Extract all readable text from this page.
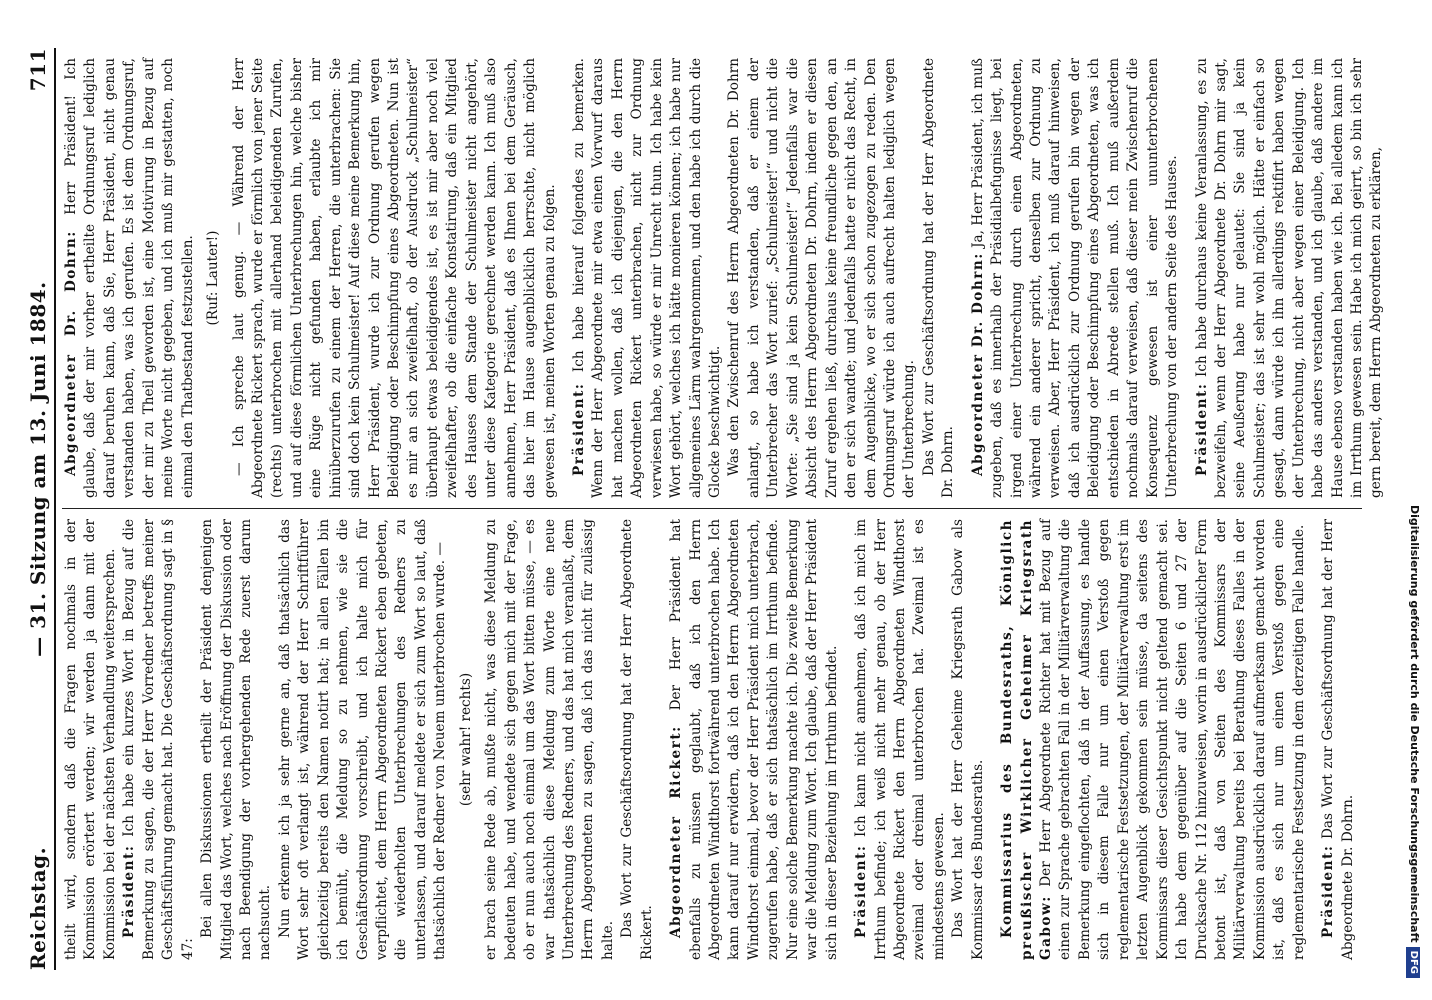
Reichstag.
— 31. Sitzung am 13. Juni 1884.
711

theilt wird, sondern daß die Fragen nochmals in der Kommission erörtert werden; wir werden ja dann mit der Kommission bei der nächsten Verhandlung weitersprechen. Präsident: Ich habe ein kurzes Wort in Bezug auf die Bemerkung zu sagen, die der Herr Vorredner betreffs meiner Geschäftsführung gemacht hat. Die Geschäftsordnung sagt in § 47:

Bei allen Diskussionen ertheilt der Präsident denjenigen Mitglied das Wort, welches nach Eröffnung der Diskussion oder nach Beendigung der vorhergehenden Rede zuerst darum nachsucht. Nun erkenne ich ja sehr gerne an, daß thatsächlich das Wort sehr oft verlangt ist, während der Herr Schriftführer gleichzeitig bereits den Namen notirt hat; in allen Fällen bin ich bemüht, die Meldung so zu nehmen, wie sie die Geschäftsordnung vorschreibt, und ich halte mich für verpflichtet, dem Herrn Abgeordneten Rickert eben gebeten, die wiederholten Unterbrechungen des Redners zu unterlassen, und darauf meldete er sich zum Wort so laut, daß thatsächlich der Redner von Neuem unterbrochen wurde. — (sehr wahr! rechts) er brach seine Rede ab, mußte nicht, was diese Meldung zu bedeuten habe, und wendete sich gegen mich mit der Frage, ob er nun auch noch einmal um das Wort bitten müsse, — es war thatsächlich diese Meldung zum Worte eine neue Unterbrechung des Redners, und das hat mich veranlaßt, dem Herrn Abgeordneten zu sagen, daß ich das nicht für zulässig halte.

Das Wort zur Geschäftsordnung hat der Herr Abgeordnete Rickert. Abgeordneter Rickert: Der Herr Präsident hat ebenfalls zu müssen geglaubt, daß ich den Herrn Abgeordneten Windthorst fortwährend unterbrochen habe. Ich kann darauf nur erwidern, daß ich den Herrn Abgeordneten Windthorst einmal, bevor der Herr Präsident mich unterbrach, zugerufen habe, daß er sich thatsächlich im Irrthum befinde. Nur eine solche Bemerkung machte ich. Die zweite Bemerkung war die Meldung zum Wort. Ich glaube, daß der Herr Präsident sich in dieser Beziehung im Irrthum befindet. Präsident: Ich kann nicht annehmen, daß ich mich im Irrthum befinde; ich weiß nicht mehr genau, ob der Herr Abgeordnete Rickert den Herrn Abgeordneten Windthorst zweimal oder dreimal unterbrochen hat. Zweimal ist es mindestens gewesen. Das Wort hat der Herr Geheime Kriegsrath Gabow als Kommissar des Bundesraths. Kommissarius des Bundesraths, Königlich preußischer Wirklicher Geheimer Kriegsrath Gabow: Der Herr Abgeordnete Richter hat mit Bezug auf einen zur Sprache gebrachten Fall in der Militärverwaltung die Bemerkung eingeflochten, daß in der Auffassung, es handle sich in diesem Falle nur um einen Verstoß gegen reglementarische Festsetzungen, der Militärverwaltung erst im letzten Augenblick gekommen sein müsse, da seitens des Kommissars dieser Gesichtspunkt nicht geltend gemacht sei. Ich habe dem gegenüber auf die Seiten 6 und 27 der Drucksache Nr. 112 hinzuweisen, worin in ausdrücklicher Form betont ist, daß von Seiten des Kommissars der Militärverwaltung bereits bei Berathung dieses Falles in der Kommission ausdrücklich darauf aufmerksam gemacht worden ist, daß es sich nur um einen Verstoß gegen eine reglementarische Festsetzung in dem derzeitigen Falle handle. Präsident: Das Wort zur Geschäftsordnung hat der Herr Abgeordnete Dr. Dohrn.

Abgeordneter Dr. Dohrn: Herr Präsident! Ich glaube, daß der mir vorher ertheilte Ordnungsruf lediglich darauf beruhen kann, daß Sie, Herr Präsident, nicht genau verstanden haben, was ich gerufen. Es ist dem Ordnungsruf, der mir zu Theil geworden ist, eine Motivirung in Bezug auf meine Worte nicht gegeben, und ich muß mir gestatten, noch einmal den Thatbestand festzustellen. (Ruf: Lauter!) — Ich spreche laut genug. — Während der Herr Abgeordnete Rickert sprach, wurde er förmlich von jener Seite (rechts) unterbrochen mit allerhand beleidigenden Zurufen, und auf diese förmlichen Unterbrechungen hin, welche bisher eine Rüge nicht gefunden haben, erlaubte ich mir hinüberzurufen zu einem der Herren, die unterbrachen: Sie sind doch kein Schulmeister! Auf diese meine Bemerkung hin, Herr Präsident, wurde ich zur Ordnung gerufen wegen Beleidigung oder Beschimpfung eines Abgeordneten. Nun ist es mir an sich zweifelhaft, ob der Ausdruck „Schulmeister“ überhaupt etwas beleidigendes ist, es ist mir aber noch viel zweifelhafter, ob die einfache Konstatirung, daß ein Mitglied des Hauses dem Stande der Schulmeister nicht angehört, unter diese Kategorie gerechnet werden kann. Ich muß also annehmen, Herr Präsident, daß es Ihnen bei dem Geräusch, das hier im Hause augenblicklich herrschte, nicht möglich gewesen ist, meinen Worten genau zu folgen. Präsident: Ich habe hierauf folgendes zu bemerken. Wenn der Herr Abgeordnete mir etwa einen Vorwurf daraus hat machen wollen, daß ich diejenigen, die den Herrn Abgeordneten Rickert unterbrachen, nicht zur Ordnung verwiesen habe, so würde er mir Unrecht thun. Ich habe kein Wort gehört, welches ich hätte monieren können; ich habe nur allgemeines Lärm wahrgenommen, und den habe ich durch die Glocke beschwichtigt. Was den Zwischenruf des Herrn Abgeordneten Dr. Dohrn anlangt, so habe ich verstanden, daß er einem der Unterbrecher das Wort zurief: „Schulmeister!“ und nicht die Worte: „Sie sind ja kein Schulmeister!“ Jedenfalls war die Absicht des Herrn Abgeordneten Dr. Dohrn, indem er diesen Zuruf ergehen ließ, durchaus keine freundliche gegen den, an den er sich wandte; und jedenfalls hatte er nicht das Recht, in dem Augenblicke, wo er sich schon zugezogen zu reden. Den Ordnungsruf würde ich auch aufrecht halten lediglich wegen der Unterbrechung. Das Wort zur Geschäftsordnung hat der Herr Abgeordnete Dr. Dohrn. Abgeordneter Dr. Dohrn: Ja, Herr Präsident, ich muß zugeben, daß es innerhalb der Präsidialbefugnisse liegt, bei irgend einer Unterbrechung durch einen Abgeordneten, während ein anderer spricht, denselben zur Ordnung zu verweisen. Aber, Herr Präsident, ich muß darauf hinweisen, daß ich ausdrücklich zur Ordnung gerufen bin wegen der Beleidigung oder Beschimpfung eines Abgeordneten, was ich entschieden in Abrede stellen muß. Ich muß außerdem nochmals darauf verweisen, daß dieser mein Zwischenruf die Konsequenz gewesen ist einer ununterbrochenen Unterbrechung von der andern Seite des Hauses. Präsident: Ich habe durchaus keine Veranlassung, es zu bezweifeln, wenn der Herr Abgeordnete Dr. Dohrn mir sagt, seine Aeußerung habe nur gelautet: Sie sind ja kein Schulmeister; das ist sehr wohl möglich. Hätte er einfach so gesagt, dann würde ich ihn allerdings rektifirt haben wegen der Unterbrechung, nicht aber wegen einer Beleidigung. Ich habe das anders verstanden, und ich glaube, daß andere im Hause ebenso verstanden haben wie ich. Bei alledem kann ich im Irrthum gewesen sein. Habe ich mich geirrt, so bin ich sehr gern bereit, dem Herrn Abgeordneten zu erklären,

Digitalisierung gefördert durch die Deutsche ForschungsgemeinschaftDFG
